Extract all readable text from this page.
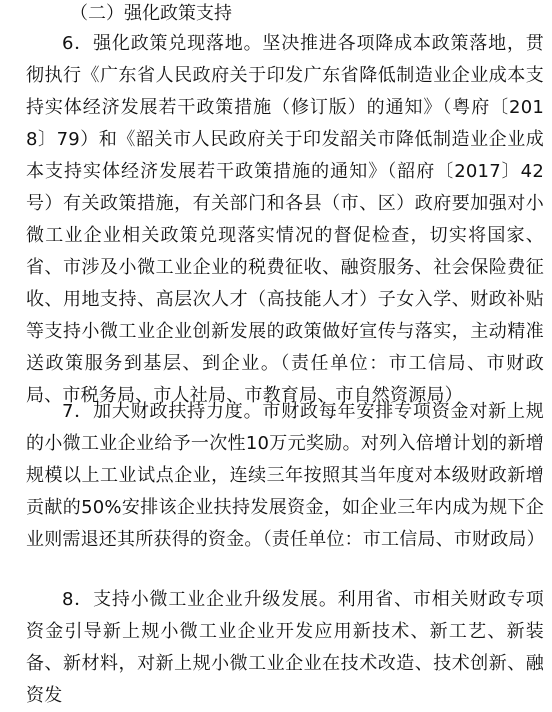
（二）强化政策支持

6．强化政策兑现落地。坚决推进各项降成本政策落地，贯彻执行《广东省人民政府关于印发广东省降低制造业企业成本支持实体经济发展若干政策措施（修订版）的通知》（粤府〔2018〕79）和《韶关市人民政府关于印发韶关市降低制造业企业成本支持实体经济发展若干政策措施的通知》（韶府〔2017〕42号）有关政策措施，有关部门和各县（市、区）政府要加强对小微工业企业相关政策兑现落实情况的督促检查，切实将国家、省、市涉及小微工业企业的税费征收、融资服务、社会保险费征收、用地支持、高层次人才（高技能人才）子女入学、财政补贴等支持小微工业企业创新发展的政策做好宣传与落实，主动精准送政策服务到基层、到企业。（责任单位：市工信局、市财政局、市税务局、市人社局、市教育局、市自然资源局）

7．加大财政扶持力度。市财政每年安排专项资金对新上规的小微工业企业给予一次性10万元奖励。对列入倍增计划的新增规模以上工业试点企业，连续三年按照其当年度对本级财政新增贡献的50%安排该企业扶持发展资金，如企业三年内成为规下企业则需退还其所获得的资金。（责任单位：市工信局、市财政局）

8．支持小微工业企业升级发展。利用省、市相关财政专项资金引导新上规小微工业企业开发应用新技术、新工艺、新装备、新材料，对新上规小微工业企业在技术改造、技术创新、融资发
